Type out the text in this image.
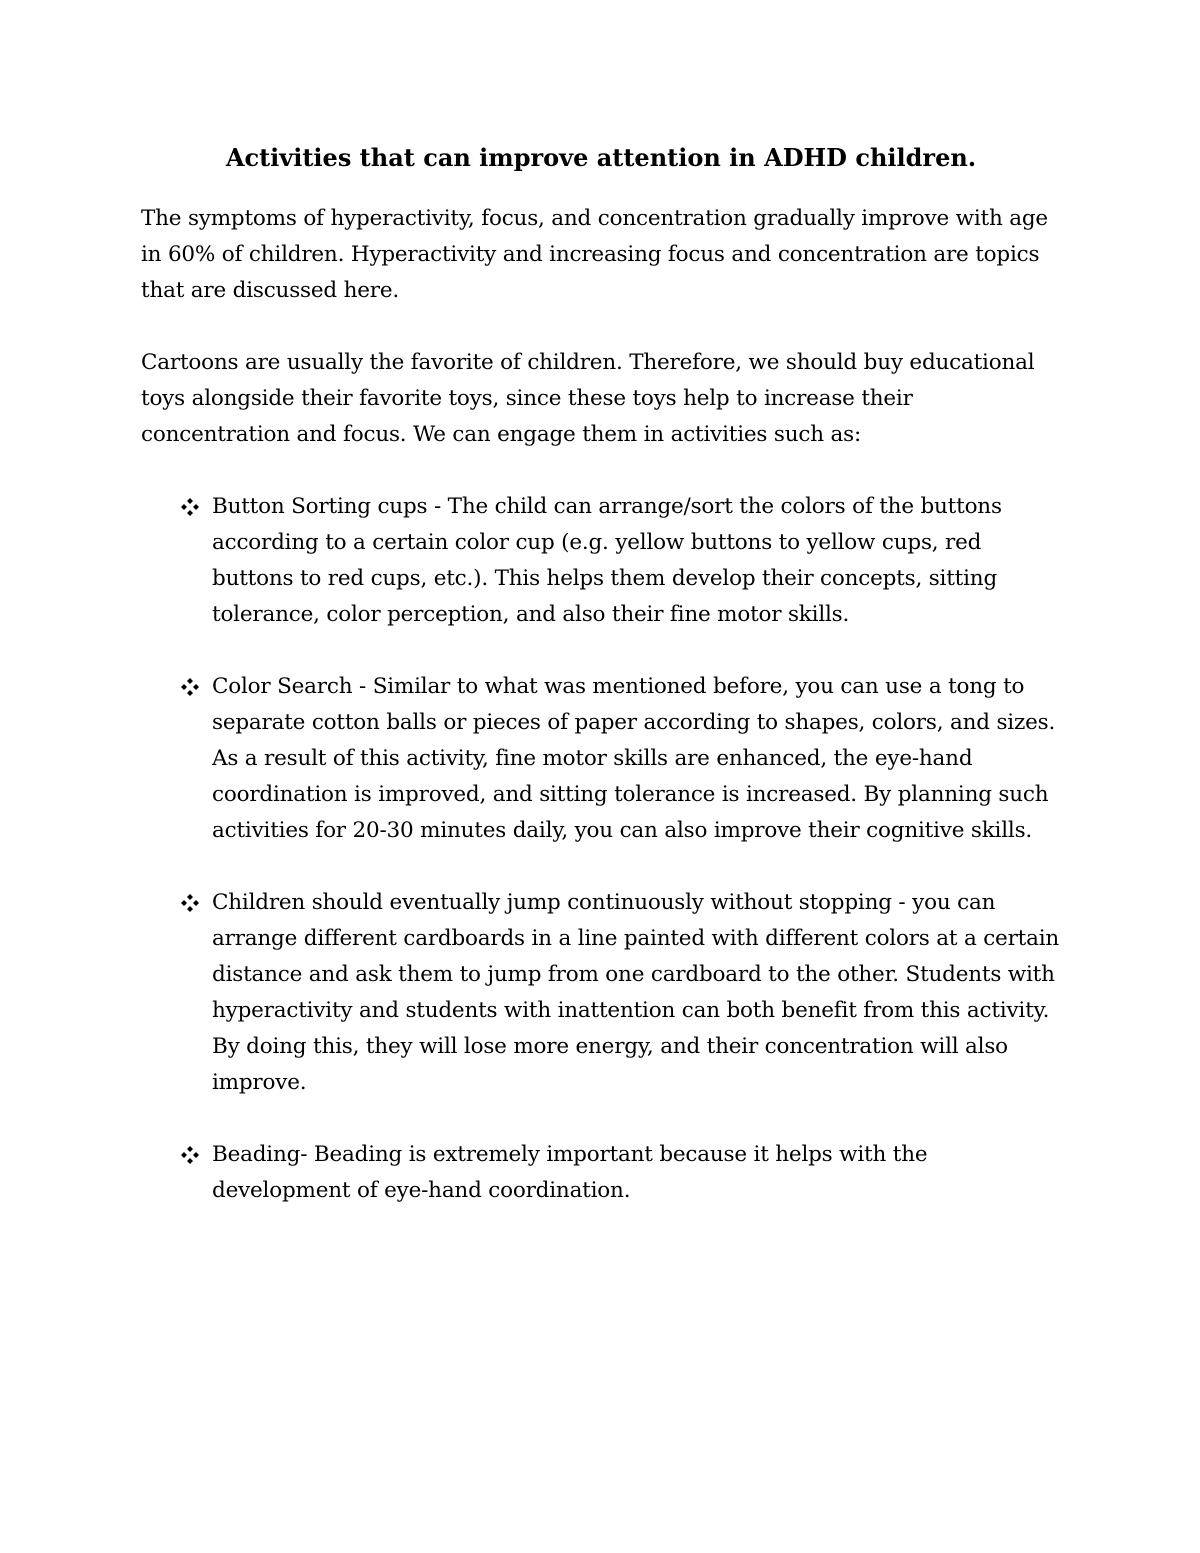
Activities that can improve attention in ADHD children.

The symptoms of hyperactivity, focus, and concentration gradually improve with age in 60% of children. Hyperactivity and increasing focus and concentration are topics that are discussed here.

Cartoons are usually the favorite of children. Therefore, we should buy educational toys alongside their favorite toys, since these toys help to increase their concentration and focus. We can engage them in activities such as:

Button Sorting cups - The child can arrange/sort the colors of the buttons according to a certain color cup (e.g. yellow buttons to yellow cups, red buttons to red cups, etc.). This helps them develop their concepts, sitting tolerance, color perception, and also their fine motor skills.
Color Search - Similar to what was mentioned before, you can use a tong to separate cotton balls or pieces of paper according to shapes, colors, and sizes. As a result of this activity, fine motor skills are enhanced, the eye-hand coordination is improved, and sitting tolerance is increased. By planning such activities for 20-30 minutes daily, you can also improve their cognitive skills.
Children should eventually jump continuously without stopping - you can arrange different cardboards in a line painted with different colors at a certain distance and ask them to jump from one cardboard to the other. Students with hyperactivity and students with inattention can both benefit from this activity. By doing this, they will lose more energy, and their concentration will also improve.
Beading- Beading is extremely important because it helps with the development of eye-hand coordination.
